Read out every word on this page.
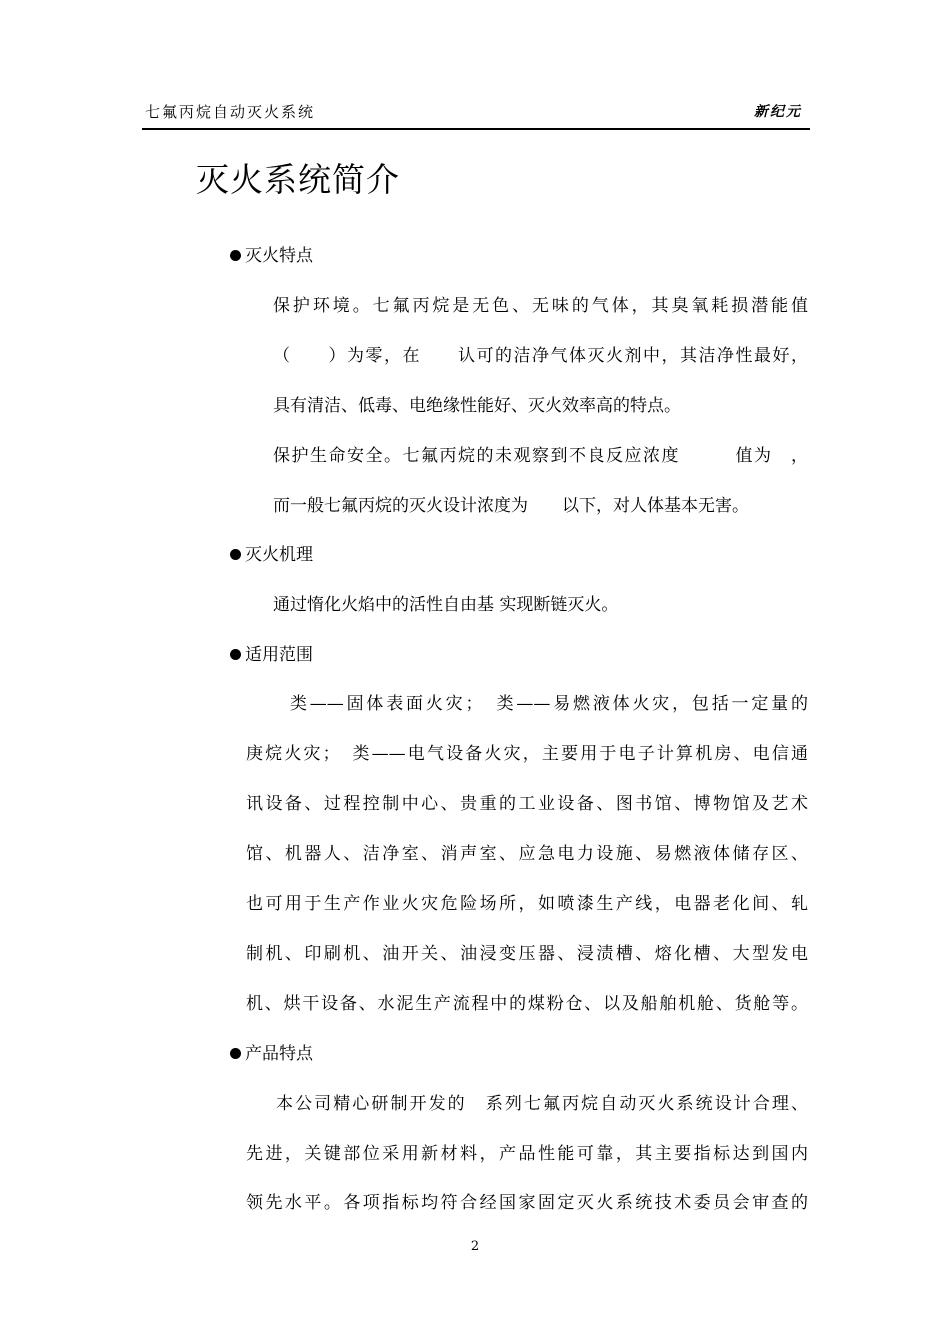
七氟丙烷自动灭火系统	新纪元
灭火系统简介
灭火特点
保护环境。七氟丙烷是无色、无味的气体，其臭氧耗损潜能值
（　　）为零，在　　认可的洁净气体灭火剂中，其洁净性最好，
具有清洁、低毒、电绝缘性能好、灭火效率高的特点。
保护生命安全。七氟丙烷的未观察到不良反应浓度　　　值为　，
而一般七氟丙烷的灭火设计浓度为　　以下，对人体基本无害。
灭火机理
通过惰化火焰中的活性自由基 实现断链灭火。
适用范围
类——固体表面火灾；　类——易燃液体火灾，包括一定量的
庚烷火灾；　类——电气设备火灾，主要用于电子计算机房、电信通
讯设备、过程控制中心、贵重的工业设备、图书馆、博物馆及艺术
馆、机器人、洁净室、消声室、应急电力设施、易燃液体储存区、
也可用于生产作业火灾危险场所，如喷漆生产线，电器老化间、轧
制机、印刷机、油开关、油浸变压器、浸渍槽、熔化槽、大型发电
机、烘干设备、水泥生产流程中的煤粉仓、以及船舶机舱、货舱等。
产品特点
本公司精心研制开发的　系列七氟丙烷自动灭火系统设计合理、
先进，关键部位采用新材料，产品性能可靠，其主要指标达到国内
领先水平。各项指标均符合经国家固定灭火系统技术委员会审查的
2
